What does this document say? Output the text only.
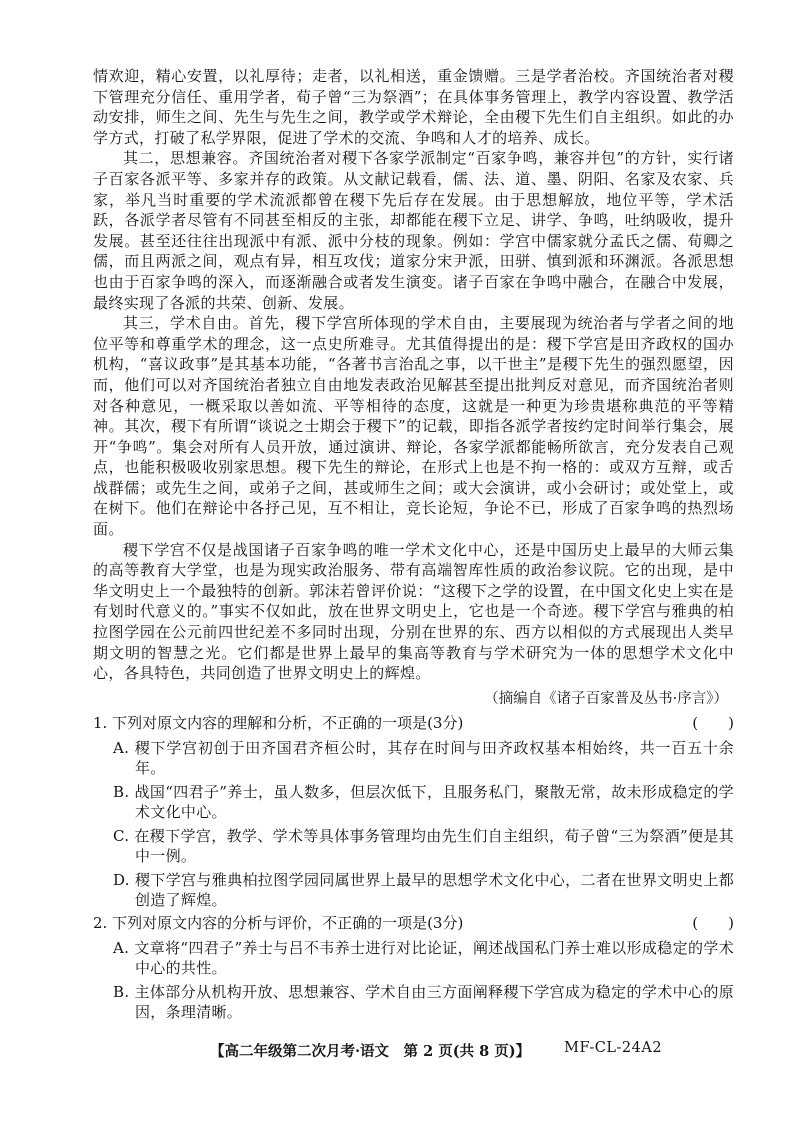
情欢迎，精心安置，以礼厚待；走者，以礼相送，重金馈赠。三是学者治校。齐国统治者对稷下管理充分信任、重用学者，荀子曾“三为祭酒”；在具体事务管理上，教学内容设置、教学活动安排，师生之间、先生与先生之间，教学或学术辩论，全由稷下先生们自主组织。如此的办学方式，打破了私学界限，促进了学术的交流、争鸣和人才的培养、成长。

其二，思想兼容。齐国统治者对稷下各家学派制定“百家争鸣，兼容并包”的方针，实行诸子百家各派平等、多家并存的政策。从文献记载看，儒、法、道、墨、阴阳、名家及农家、兵家，举凡当时重要的学术流派都曾在稷下先后存在发展。由于思想解放，地位平等，学术活跃，各派学者尽管有不同甚至相反的主张，却都能在稷下立足、讲学、争鸣，吐纳吸收，提升发展。甚至还往往出现派中有派、派中分枝的现象。例如：学宫中儒家就分孟氏之儒、荀卿之儒，而且两派之间，观点有异，相互攻伐；道家分宋尹派，田骈、慎到派和环渊派。各派思想也由于百家争鸣的深入，而逐渐融合或者发生演变。诸子百家在争鸣中融合，在融合中发展，最终实现了各派的共荣、创新、发展。

其三，学术自由。首先，稷下学宫所体现的学术自由，主要展现为统治者与学者之间的地位平等和尊重学术的理念，这一点史所难寻。尤其值得提出的是：稷下学宫是田齐政权的国办机构，“喜议政事”是其基本功能，“各著书言治乱之事，以干世主”是稷下先生的强烈愿望，因而，他们可以对齐国统治者独立自由地发表政治见解甚至提出批判反对意见，而齐国统治者则对各种意见，一概采取以善如流、平等相待的态度，这就是一种更为珍贵堪称典范的平等精神。其次，稷下有所谓“谈说之士期会于稷下”的记载，即指各派学者按约定时间举行集会，展开“争鸣”。集会对所有人员开放，通过演讲、辩论，各家学派都能畅所欲言，充分发表自己观点，也能积极吸收别家思想。稷下先生的辩论，在形式上也是不拘一格的：或双方互辩，或舌战群儒；或先生之间，或弟子之间，甚或师生之间；或大会演讲，或小会研讨；或处堂上，或在树下。他们在辩论中各抒己见，互不相让，竞长论短，争论不已，形成了百家争鸣的热烈场面。

稷下学宫不仅是战国诸子百家争鸣的唯一学术文化中心，还是中国历史上最早的大师云集的高等教育大学堂，也是为现实政治服务、带有高端智库性质的政治参议院。它的出现，是中华文明史上一个最独特的创新。郭沫若曾评价说：“这稷下之学的设置，在中国文化史上实在是有划时代意义的。”事实不仅如此，放在世界文明史上，它也是一个奇迹。稷下学宫与雅典的柏拉图学园在公元前四世纪差不多同时出现，分别在世界的东、西方以相似的方式展现出人类早期文明的智慧之光。它们都是世界上最早的集高等教育与学术研究为一体的思想学术文化中心，各具特色，共同创造了世界文明史上的辉煌。

（摘编自《诸子百家普及丛书·序言》）
1. 下列对原文内容的理解和分析，不正确的一项是(3分)	(　　)
A. 稷下学宫初创于田齐国君齐桓公时，其存在时间与田齐政权基本相始终，共一百五十余年。
B. 战国“四君子”养士，虽人数多，但层次低下，且服务私门，聚散无常，故未形成稳定的学术文化中心。
C. 在稷下学宫，教学、学术等具体事务管理均由先生们自主组织，荀子曾“三为祭酒”便是其中一例。
D. 稷下学宫与雅典柏拉图学园同属世界上最早的思想学术文化中心，二者在世界文明史上都创造了辉煌。
2. 下列对原文内容的分析与评价，不正确的一项是(3分)	(　　)
A. 文章将“四君子”养士与吕不韦养士进行对比论证，阐述战国私门养士难以形成稳定的学术中心的共性。
B. 主体部分从机构开放、思想兼容、学术自由三方面阐释稷下学宫成为稳定的学术中心的原因，条理清晰。
【高二年级第二次月考·语文　第 2 页(共 8 页)】 MF-CL-24A2
